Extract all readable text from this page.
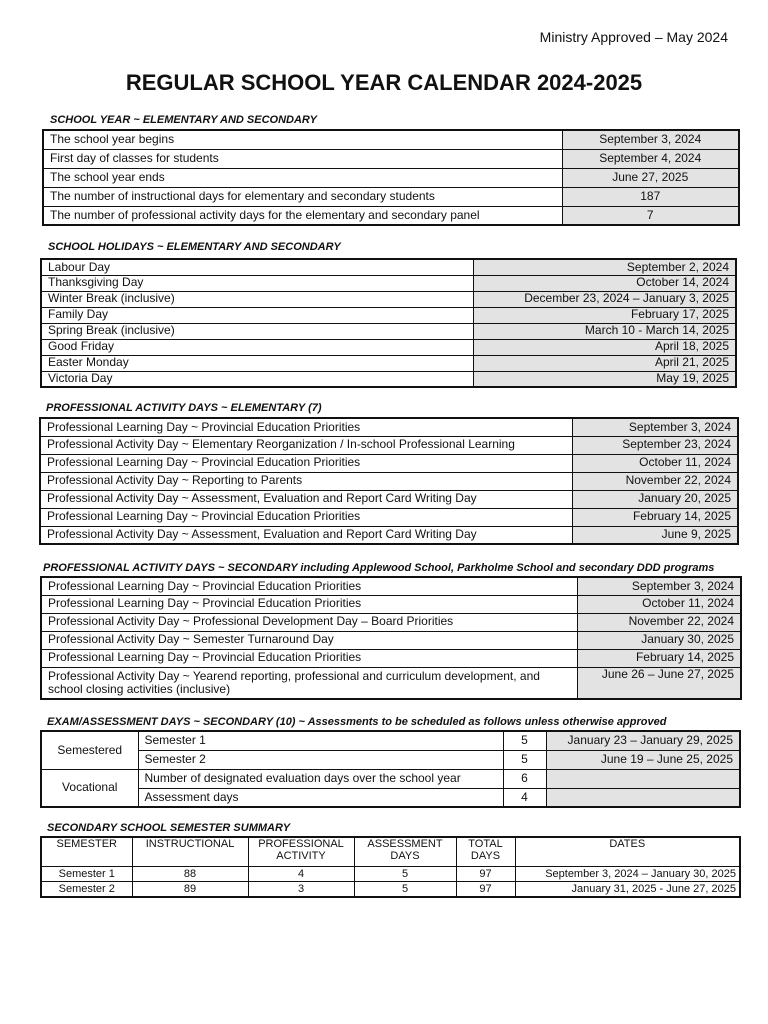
Ministry Approved – May 2024
REGULAR SCHOOL YEAR CALENDAR 2024-2025
SCHOOL YEAR ~ ELEMENTARY AND SECONDARY
The school year begins	September 3, 2024
First day of classes for students	September 4, 2024
The school year ends	June 27, 2025
The number of instructional days for elementary and secondary students	187
The number of professional activity days for the elementary and secondary panel	7
SCHOOL HOLIDAYS ~ ELEMENTARY AND SECONDARY
Labour Day	September 2, 2024
Thanksgiving Day	October 14, 2024
Winter Break (inclusive)	December 23, 2024 – January 3, 2025
Family Day	February 17, 2025
Spring Break (inclusive)	March 10 - March 14, 2025
Good Friday	April 18, 2025
Easter Monday	April 21, 2025
Victoria Day	May 19, 2025
PROFESSIONAL ACTIVITY DAYS ~ ELEMENTARY (7)
Professional Learning Day ~ Provincial Education Priorities	September 3, 2024
Professional Activity Day ~ Elementary Reorganization / In-school Professional Learning	September 23, 2024
Professional Learning Day ~ Provincial Education Priorities	October 11, 2024
Professional Activity Day ~ Reporting to Parents	November 22, 2024
Professional Activity Day ~ Assessment, Evaluation and Report Card Writing Day	January 20, 2025
Professional Learning Day ~ Provincial Education Priorities	February 14, 2025
Professional Activity Day ~ Assessment, Evaluation and Report Card Writing Day	June 9, 2025
PROFESSIONAL ACTIVITY DAYS ~ SECONDARY including Applewood School, Parkholme School and secondary DDD programs
Professional Learning Day ~ Provincial Education Priorities	September 3, 2024
Professional Learning Day ~ Provincial Education Priorities	October 11, 2024
Professional Activity Day ~ Professional Development Day – Board Priorities	November 22, 2024
Professional Activity Day ~ Semester Turnaround Day	January 30, 2025
Professional Learning Day ~ Provincial Education Priorities	February 14, 2025
Professional Activity Day ~ Yearend reporting, professional and curriculum development, and school closing activities (inclusive)	June 26 – June 27, 2025
EXAM/ASSESSMENT DAYS ~ SECONDARY (10) ~ Assessments to be scheduled as follows unless otherwise approved
Semestered	Semester 1	5	January 23 – January 29, 2025
	Semester 2	5	June 19 – June 25, 2025
Vocational	Number of designated evaluation days over the school year	6	
	Assessment days	4	
SECONDARY SCHOOL SEMESTER SUMMARY
SEMESTER	INSTRUCTIONAL	PROFESSIONAL ACTIVITY	ASSESSMENT DAYS	TOTAL DAYS	DATES
Semester 1	88	4	5	97	September 3, 2024 – January 30, 2025
Semester 2	89	3	5	97	January 31, 2025 - June 27, 2025
